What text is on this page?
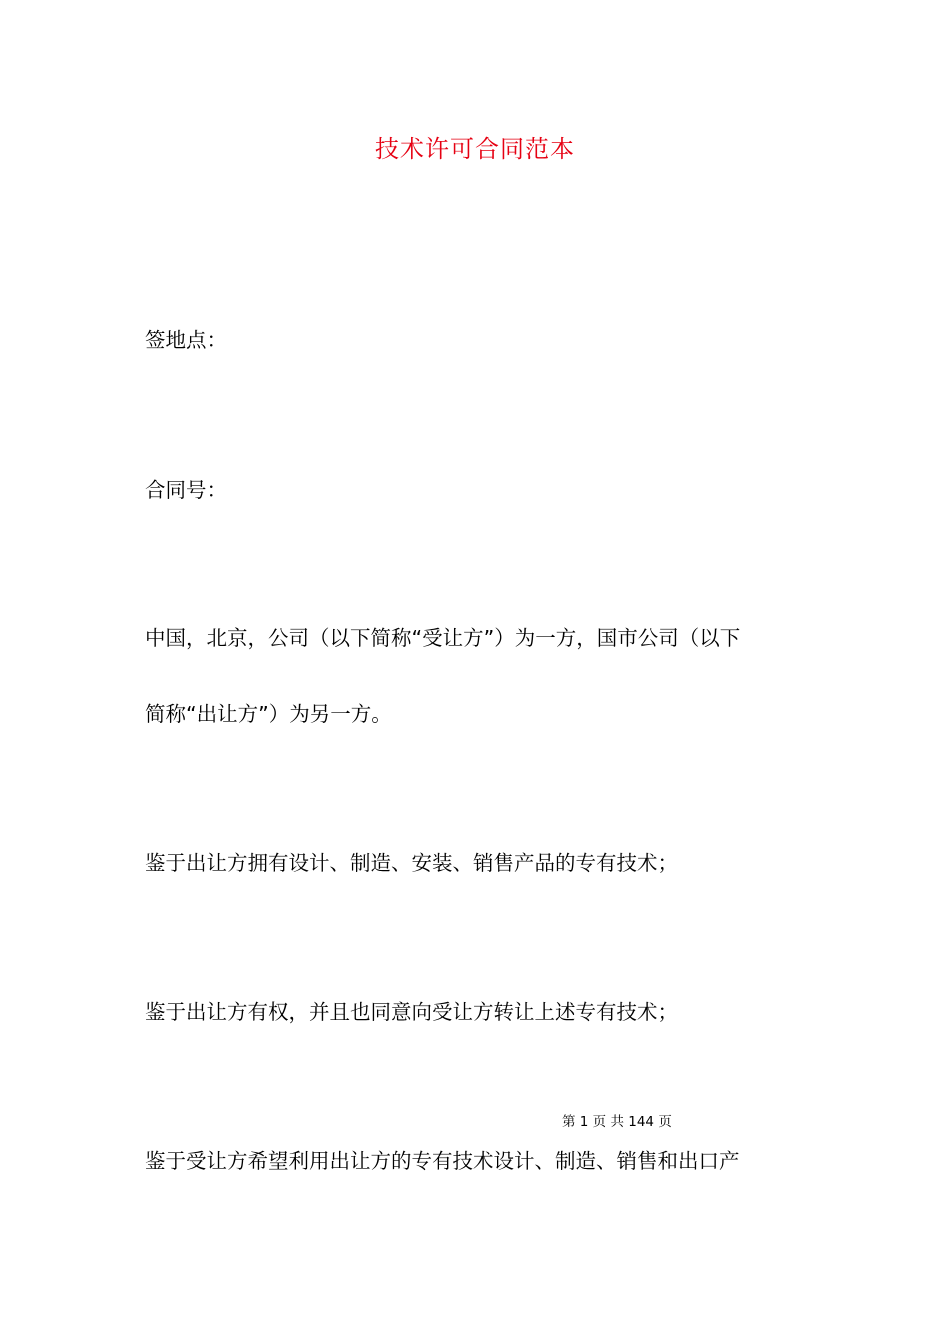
技术许可合同范本
签地点：
合同号：
中国，北京，公司（以下简称“受让方”）为一方，国市公司（以下
简称“出让方”）为另一方。
鉴于出让方拥有设计、制造、安装、销售产品的专有技术；
鉴于出让方有权，并且也同意向受让方转让上述专有技术；
第 1 页 共 144 页
鉴于受让方希望利用出让方的专有技术设计、制造、销售和出口产
